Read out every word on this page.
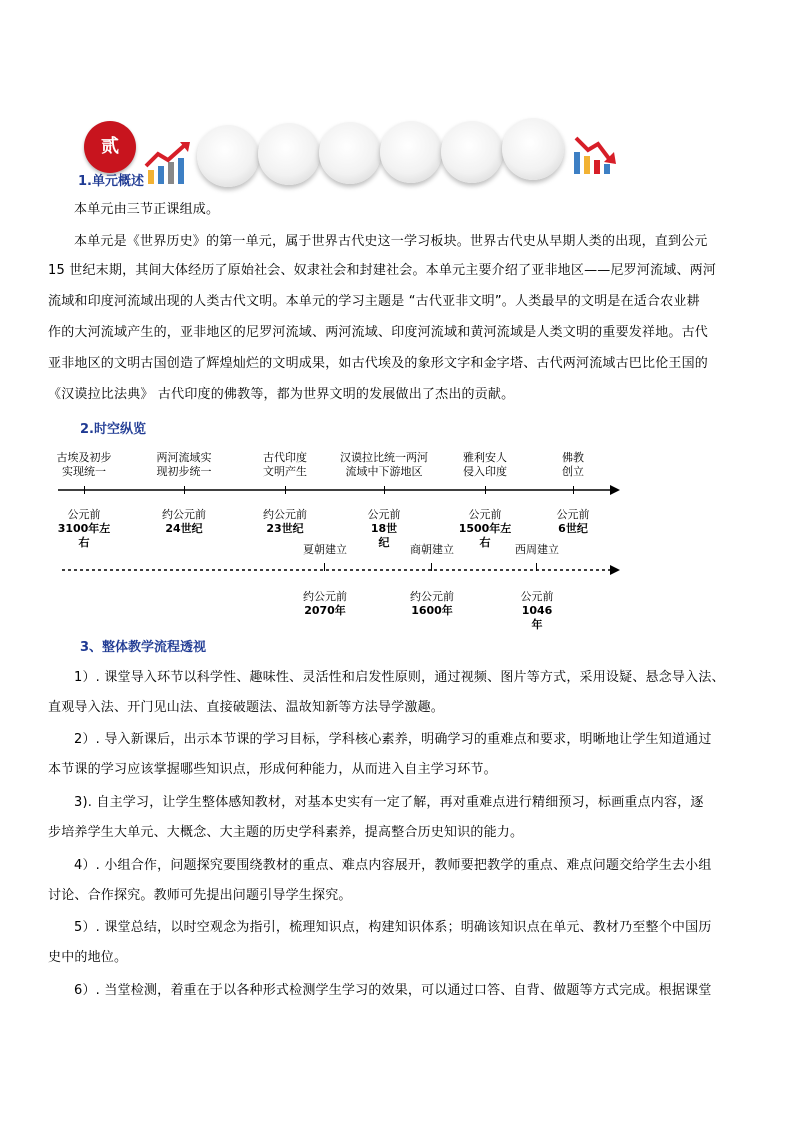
1.单元概述
贰
本单元由三节正课组成。
本单元是《世界历史》的第一单元，属于世界古代史这一学习板块。世界古代史从早期人类的出现，直到公元
15 世纪末期，其间大体经历了原始社会、奴隶社会和封建社会。本单元主要介绍了亚非地区——尼罗河流域、两河
流域和印度河流域出现的人类古代文明。本单元的学习主题是 “古代亚非文明”。人类最早的文明是在适合农业耕
作的大河流域产生的，亚非地区的尼罗河流域、两河流域、印度河流域和黄河流域是人类文明的重要发祥地。古代
亚非地区的文明古国创造了辉煌灿烂的文明成果，如古代埃及的象形文字和金字塔、古代两河流域古巴比伦王国的
《汉谟拉比法典》 古代印度的佛教等，都为世界文明的发展做出了杰出的贡献。
2.时空纵览
古埃及初步
实现统一
两河流域实
现初步统一
古代印度
文明产生
汉谟拉比统一两河
流域中下游地区
雅利安人
侵入印度
佛教
创立

公元前
3100年左
右

约公元前
24世纪

约公元前
23世纪

公元前
18世
纪

公元前
1500年左
右

公元前
6世纪

夏朝建立	商朝建立	西周建立

约公元前
2070年

约公元前
1600年

公元前
1046
年

3、整体教学流程透视
1）. 课堂导入环节以科学性、趣味性、灵活性和启发性原则，通过视频、图片等方式，采用设疑、悬念导入法、
直观导入法、开门见山法、直接破题法、温故知新等方法导学激趣。
2）. 导入新课后，出示本节课的学习目标，学科核心素养，明确学习的重难点和要求，明晰地让学生知道通过
本节课的学习应该掌握哪些知识点，形成何种能力，从而进入自主学习环节。
3). 自主学习，让学生整体感知教材，对基本史实有一定了解，再对重难点进行精细预习，标画重点内容，逐
步培养学生大单元、大概念、大主题的历史学科素养，提高整合历史知识的能力。
4）. 小组合作，问题探究要围绕教材的重点、难点内容展开，教师要把教学的重点、难点问题交给学生去小组
讨论、合作探究。教师可先提出问题引导学生探究。
5）. 课堂总结，以时空观念为指引，梳理知识点，构建知识体系；明确该知识点在单元、教材乃至整个中国历
史中的地位。
6）. 当堂检测，着重在于以各种形式检测学生学习的效果，可以通过口答、自背、做题等方式完成。根据课堂
